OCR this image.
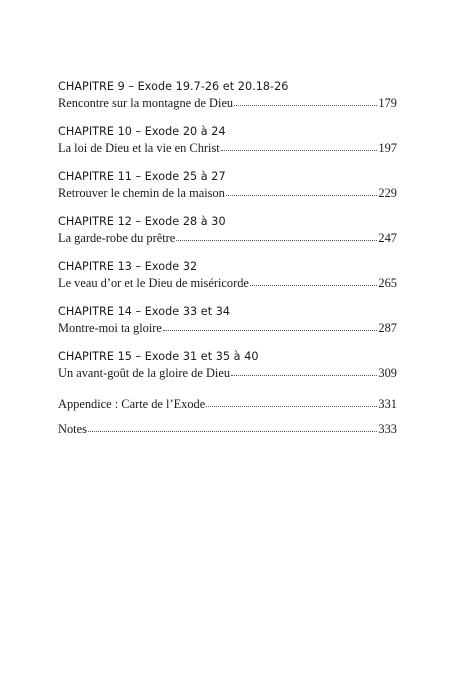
CHAPITRE 9 – Exode 19.7-26 et 20.18-26
Rencontre sur la montagne de Dieu	179
CHAPITRE 10 – Exode 20 à 24
La loi de Dieu et la vie en Christ	197
CHAPITRE 11 – Exode 25 à 27
Retrouver le chemin de la maison	229
CHAPITRE 12 – Exode 28 à 30
La garde-robe du prêtre	247
CHAPITRE 13 – Exode 32
Le veau d’or et le Dieu de miséricorde	265
CHAPITRE 14 – Exode 33 et 34
Montre-moi ta gloire	287
CHAPITRE 15 – Exode 31 et 35 à 40
Un avant-goût de la gloire de Dieu	309
Appendice : Carte de l’Exode	331
Notes	333
